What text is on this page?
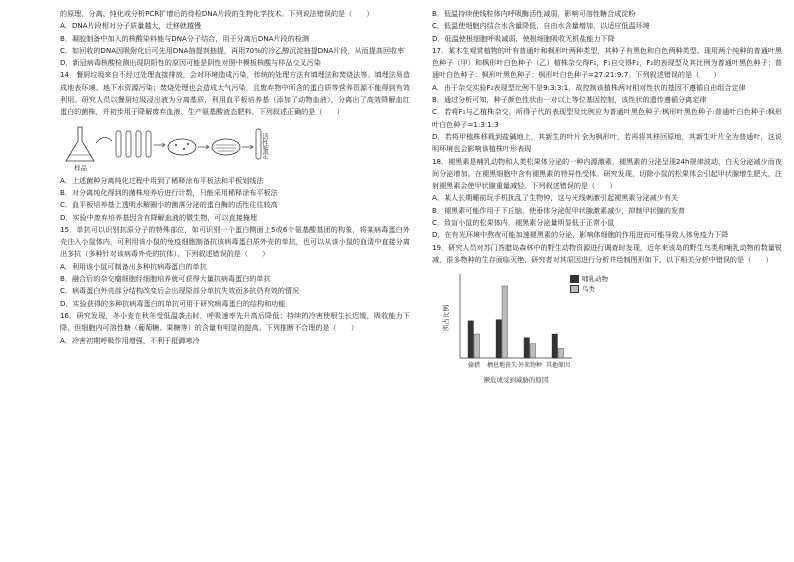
的原理，分离、纯化或分析PCR扩增后的待检DNA片段的生物化学技术。下列说法错误的是（　　）

A．DNA片段相对分子质量越大，迁移就越慢

B．凝胶制备中加入的核酸染料能与DNA分子结合，用于分离后DNA片段的检测

C．如回收的DNA因吸附化后可先用DNA抽提剂抽提，再用70%的冷乙醇沉淀抽提DNA片段，从而提高回收率

D．新冠病毒核酸检测出现阴阳性的原因可能是阴性对照中模板核酸与样品交叉污染

14．餐厨垃圾来自不经过处理直接排放，会对环境造成污染，传统的处理方法有填埋法和焚烧法等。填埋法易造成地表环境、地下水资源污染；焚烧处理也会造成大气污染，且废弃物中所含的蛋白质等营养资源不能得到有效利用。研究人员以餐厨垃圾浸出液为分离基质，利用血平板培养基（添加了动物血液），分离出了高效降解血红蛋白的菌株，并初步用于降解废弃血液、生产氨基酸液态肥料。下列叙述正确的是（　　）

样品
活性鉴定

A．上述菌种分离纯化过程中用到了稀释涂布平板法和平板划线法

B．对分离纯化得到的菌株培养后进行计数，只能采用稀释涂布平板法

C．血平板培养基上透明水解圈小的菌落分泌的蛋白酶的活性往往较高

D．实验中废弃培养基因含有降解血液的微生物，可以直接掩埋

15．单抗可以识别抗原分子的特殊部位，如可识别一个蛋白侧面上5或6个氨基酸基团的构象，将某病毒蛋白外壳注入小鼠体内，可利用该小鼠的免疫细胞制备抗该病毒蛋白质外壳的单抗，也可以从该小鼠的血清中直接分离出多抗（多种针对该病毒外壳的抗体）。下列叙述错误的是（　　）

A．利用该小鼠可制备出多种抗病毒蛋白的单抗

B．融合后的杂交瘤细胞经细胞培养就可获得大量抗病毒蛋白的单抗

C．病毒蛋白外壳部分结构改变后会出现原部分单抗失效而多抗仍有效的情况

D．实验获得的多种抗病毒蛋白的单抗可用于研究病毒蛋白的结构和功能

16．研究发现，冬小麦在秋冬受低温袭击时，呼吸速率先升高后降低；持续的冷害使根生长迟缓，吸收能力下降，但细胞内可溶性糖（葡萄糖、果糖等）的含量有明显的提高。下列推断不合理的是（　　）

A．冷害初期呼吸作用增强，不利于抵御寒冷

B．低温持续使线粒体内呼吸酶活性减弱，影响可溶性糖合成淀粉

C．低温使细胞内结合水含量降低，自由水含量增加，以适应低温环境

D．低温使根细胞呼吸减弱，使根细胞吸收无机盐能力下降

17．某木生观赏植物的叶有普通叶和枫形叶两种类型，其种子有黑色和白色两种类型。现用两个纯种的普通叶黑色种子（甲）和枫形叶白色种子（乙）植株杂交得F₁，F₁自交得F₂，F₂的表现型及其比例为普通叶黑色种子：普通叶白色种子：枫形叶黑色种子：枫形叶白色种子=27:21:9:7。下列叙述错误的是（　　）

A．由于杂交实验F₂表现型比例不是9:3:3:1，故控制该植株两对相对性状的基因不遵循自由组合定律

B．通过分析可知，种子颜色性状由一对以上等位基因控制，该性状的遗传遵循分离定律

C．若将F₁与乙植株杂交，所得子代的表现型及比例应为普通叶黑色种子:枫形叶黑色种子:普通叶白色种子:枫形叶白色种子=1:3:1:3

D．若将甲植株移栽到盐碱地上，其新生的叶片全为枫形叶，若再将其移回原地，其新生叶片全为普通叶，这说明环境也会影响该植株叶形表现

18．褪黑素是哺乳动物和人类松果体分泌的一种内源激素，褪黑素的分泌呈现24h规律波动，白天分泌减少而夜间分泌增加。在褪黑细胞中含有褪黑素的特异性受体。研究发现，切除小鼠的松果体会引起甲状腺增生肥大，注射褪黑素会使甲状腺重量减轻。下列叙述错误的是（　　）

A．某人长期睡前玩手机扰乱了生物钟，这与光线刺激引起褪黑素分泌减少有关

B．褪黑素可能作用于下丘脑，使垂体分泌促甲状腺激素减少，抑制甲状腺的发育

C．致盲小鼠的松果体内，褪黑素分泌量明显低于正常小鼠

D．在有光环境中熬夜可能加速褪黑素的分泌，影响体细胞的作用进而可能导致人体免疫力下降

19．研究人员对苏门答腊岛森林中的野生动物资源进行调查时发现，近年来该岛的野生鸟类和哺乳动物的数量锐减，很多物种的生存面临灭绝，研究者对其原因进行分析并绘制图形如下，以下相关分析中错误的是（　　）

所占比例
偷猎 栖息地丧失 外来物种 其他原因
濒危或受到威胁的原因
哺乳动物
鸟类
